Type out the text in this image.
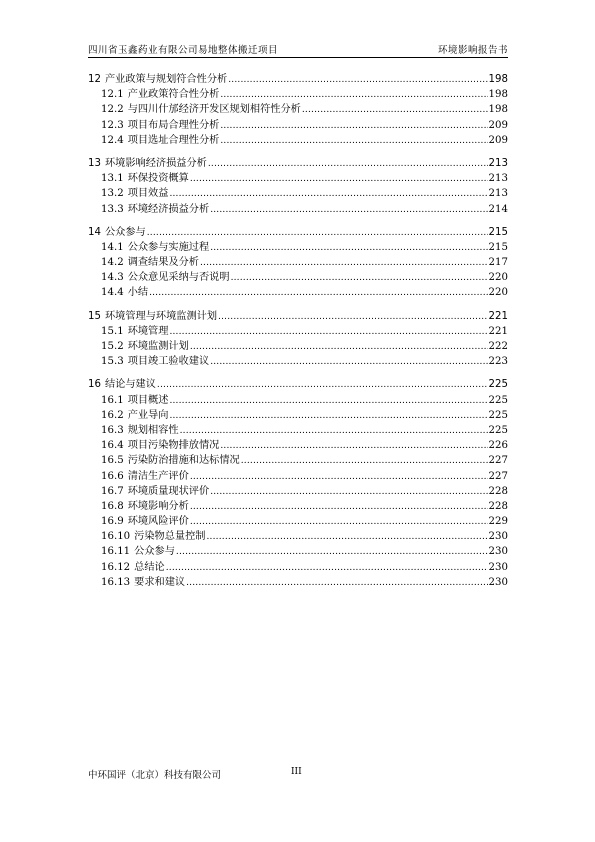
四川省玉鑫药业有限公司易地整体搬迁项目	环境影响报告书
12 产业政策与规划符合性分析 .....	198
12.1 产业政策符合性分析 .....	198
12.2 与四川什邡经济开发区规划相符性分析 .....	198
12.3 项目布局合理性分析 .....	209
12.4 项目选址合理性分析 .....	209
13 环境影响经济损益分析 .....	213
13.1 环保投资概算 .....	213
13.2 项目效益 .....	213
13.3 环境经济损益分析 .....	214
14 公众参与 .....	215
14.1 公众参与实施过程 .....	215
14.2 调查结果及分析 .....	217
14.3 公众意见采纳与否说明 .....	220
14.4 小结 .....	220
15 环境管理与环境监测计划 .....	221
15.1 环境管理 .....	221
15.2 环境监测计划 .....	222
15.3 项目竣工验收建议 .....	223
16 结论与建议 .....	225
16.1 项目概述 .....	225
16.2 产业导向 .....	225
16.3 规划相容性 .....	225
16.4 项目污染物排放情况 .....	226
16.5 污染防治措施和达标情况 .....	227
16.6 清洁生产评价 .....	227
16.7 环境质量现状评价 .....	228
16.8 环境影响分析 .....	228
16.9 环境风险评价 .....	229
16.10 污染物总量控制 .....	230
16.11 公众参与 .....	230
16.12 总结论 .....	230
16.13 要求和建议 .....	230
中环国评（北京）科技有限公司	III
